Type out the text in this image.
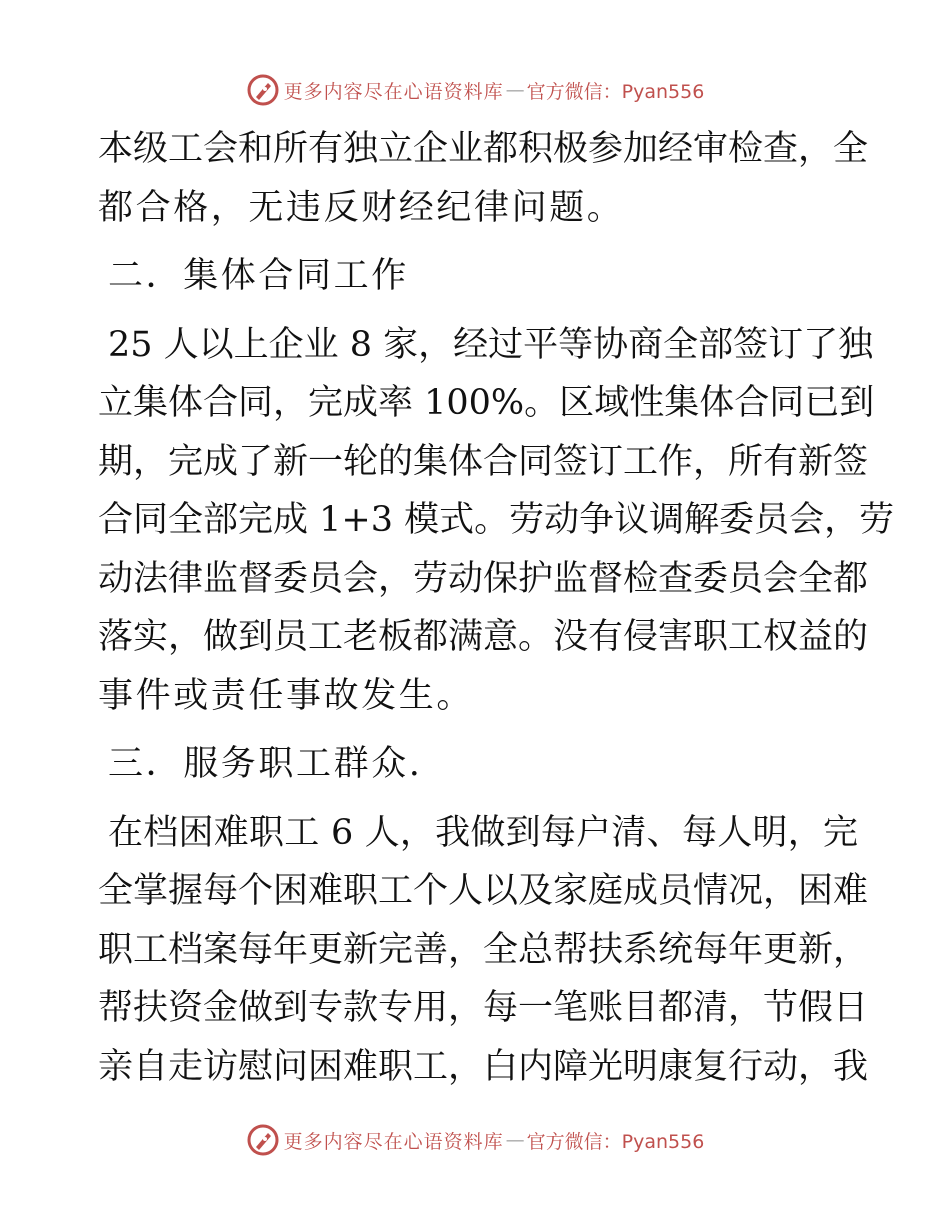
更多内容尽在心语资料库 — 官方微信：Pyan556
本级工会和所有独立企业都积极参加经审检查，全
都合格，无违反财经纪律问题。
二．集体合同工作
25 人以上企业 8 家，经过平等协商全部签订了独
立集体合同，完成率 100%。区域性集体合同已到
期，完成了新一轮的集体合同签订工作，所有新签
合同全部完成 1+3 模式。劳动争议调解委员会，劳
动法律监督委员会，劳动保护监督检查委员会全都
落实，做到员工老板都满意。没有侵害职工权益的
事件或责任事故发生。
三．服务职工群众.
在档困难职工 6 人，我做到每户清、每人明，完
全掌握每个困难职工个人以及家庭成员情况，困难
职工档案每年更新完善，全总帮扶系统每年更新，
帮扶资金做到专款专用，每一笔账目都清，节假日
亲自走访慰问困难职工，白内障光明康复行动，我
更多内容尽在心语资料库 — 官方微信：Pyan556
